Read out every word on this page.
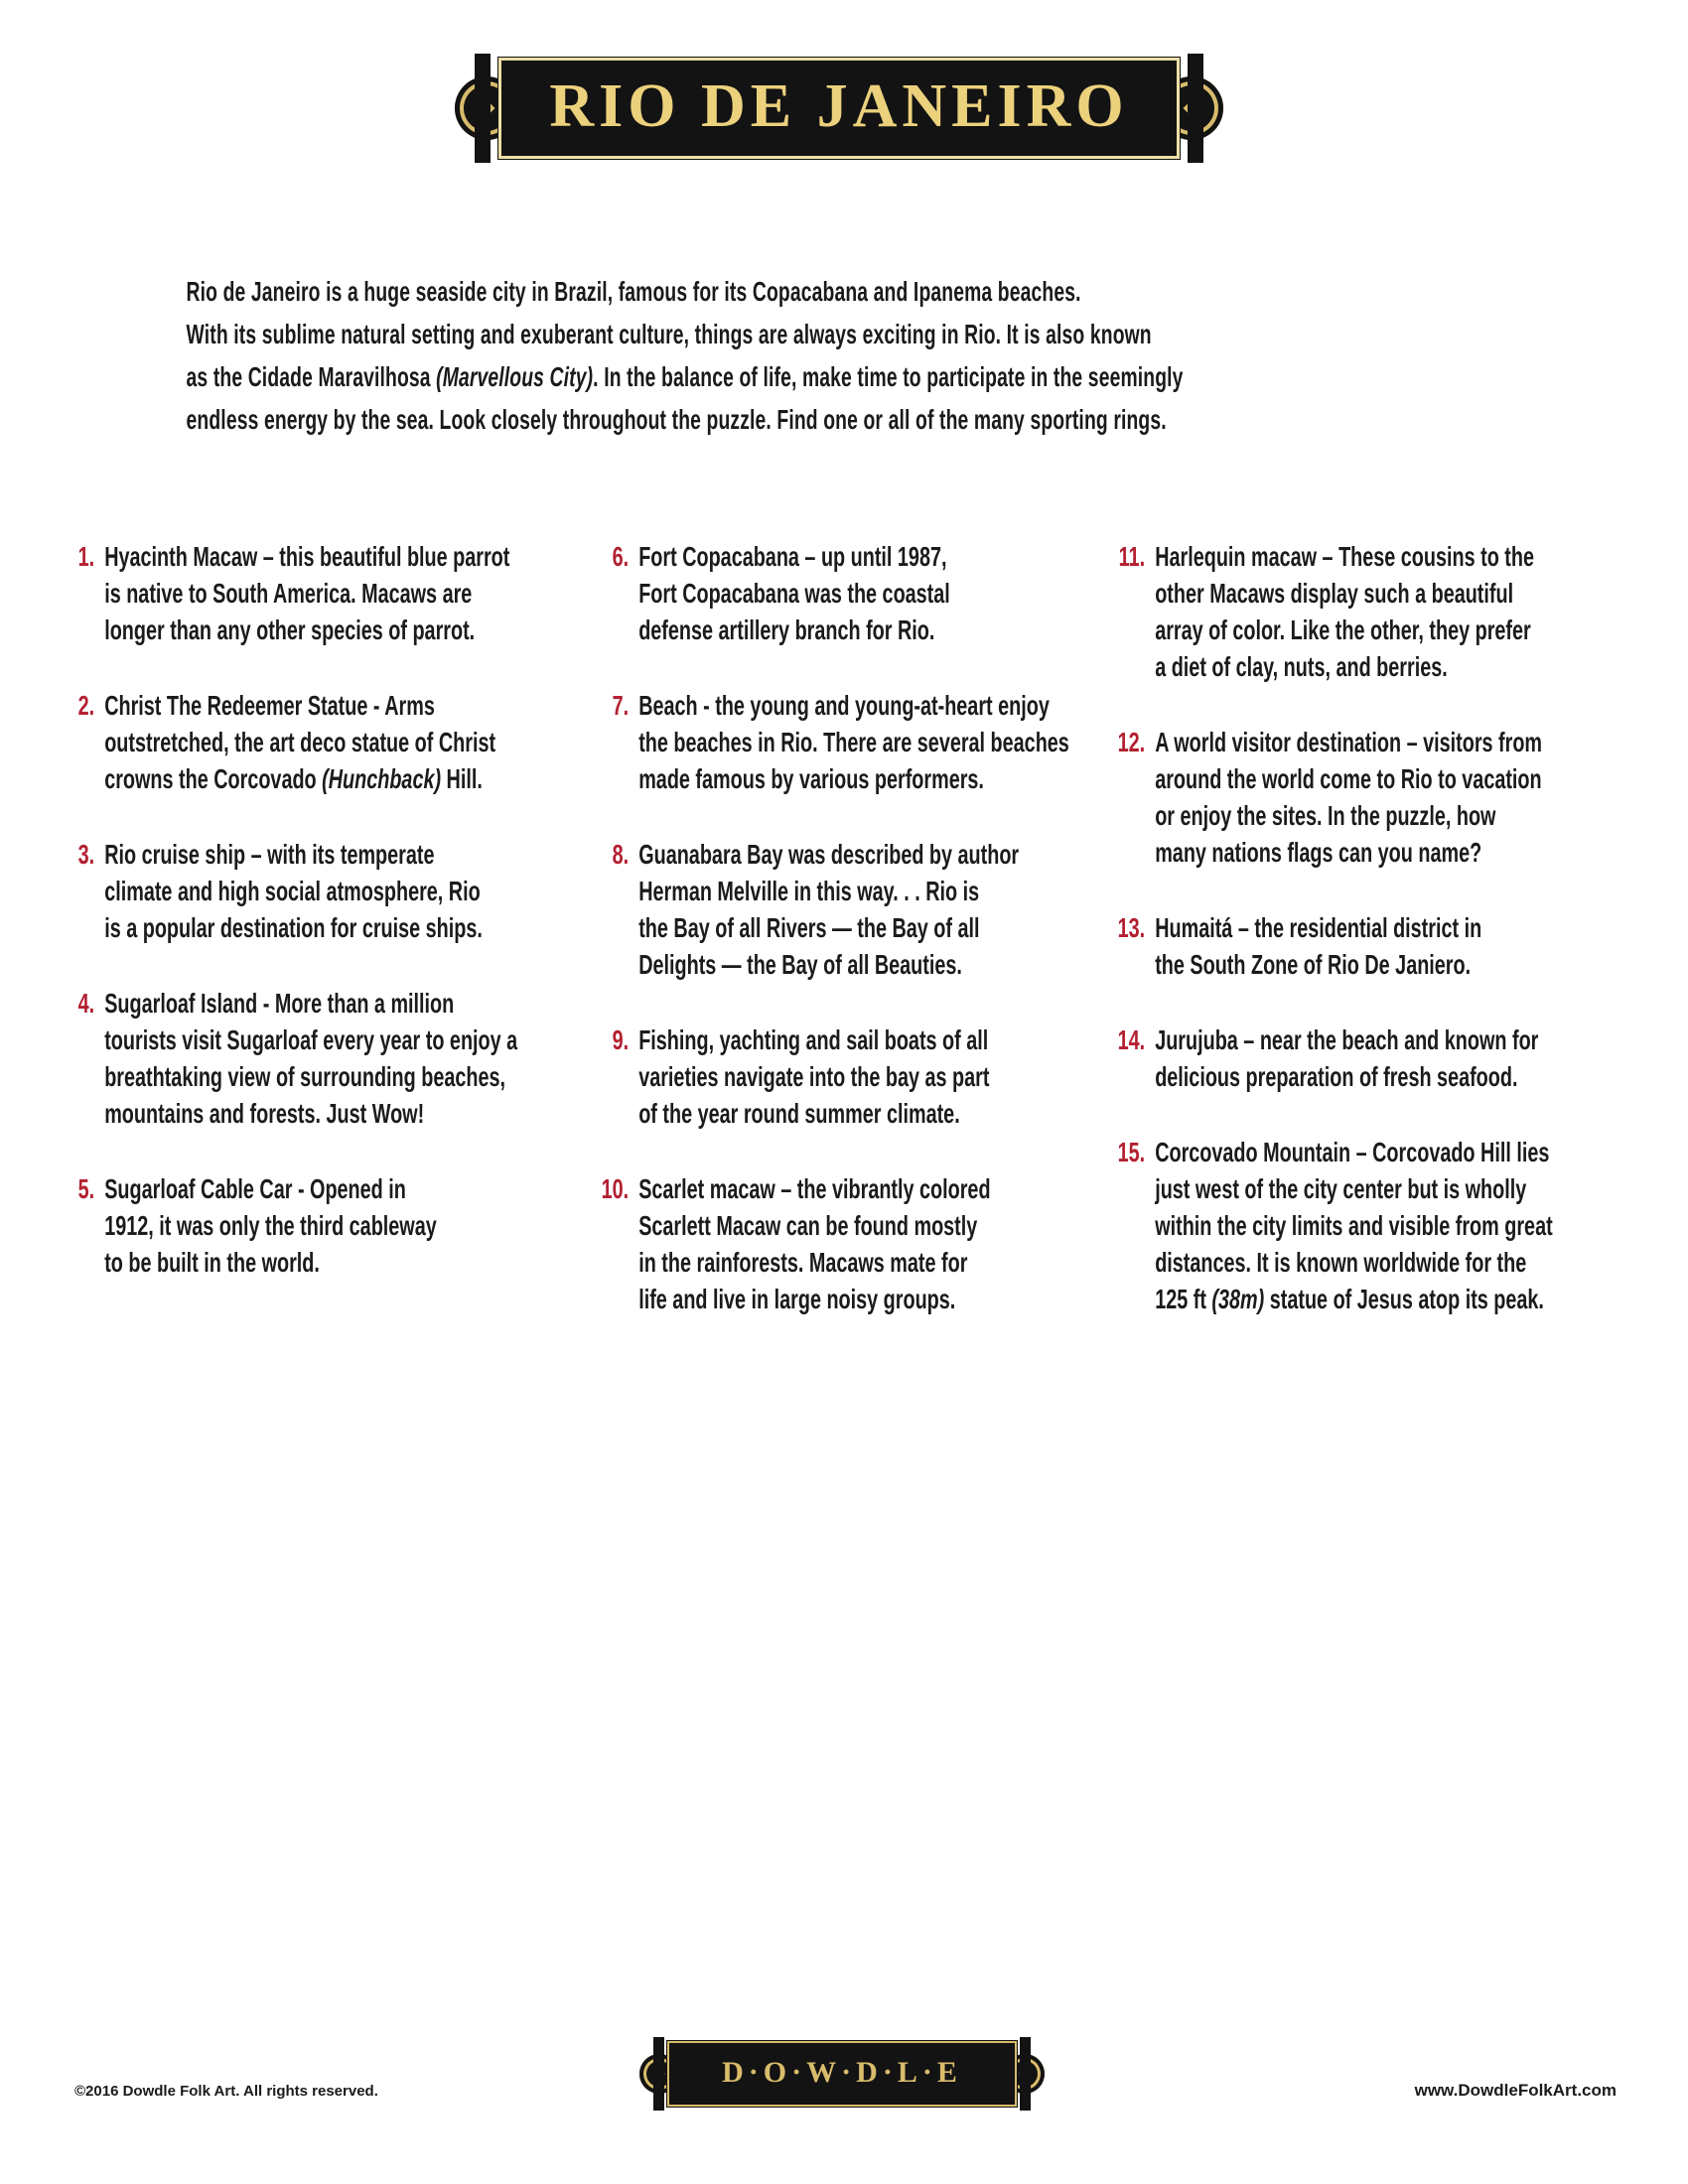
RIO DE JANEIRO
Rio de Janeiro is a huge seaside city in Brazil, famous for its Copacabana and Ipanema beaches.
With its sublime natural setting and exuberant culture, things are always exciting in Rio. It is also known
as the Cidade Maravilhosa (Marvellous City). In the balance of life, make time to participate in the seemingly
endless energy by the sea. Look closely throughout the puzzle. Find one or all of the many sporting rings.
1. Hyacinth Macaw – this beautiful blue parrot
is native to South America. Macaws are
longer than any other species of parrot.
2. Christ The Redeemer Statue - Arms
outstretched, the art deco statue of Christ
crowns the Corcovado (Hunchback) Hill.
3. Rio cruise ship – with its temperate
climate and high social atmosphere, Rio
is a popular destination for cruise ships.
4. Sugarloaf Island - More than a million
tourists visit Sugarloaf every year to enjoy a
breathtaking view of surrounding beaches,
mountains and forests. Just Wow!
5. Sugarloaf Cable Car - Opened in
1912, it was only the third cableway
to be built in the world.
6. Fort Copacabana – up until 1987,
Fort Copacabana was the coastal
defense artillery branch for Rio.
7. Beach - the young and young-at-heart enjoy
the beaches in Rio. There are several beaches
made famous by various performers.
8. Guanabara Bay was described by author
Herman Melville in this way. . . Rio is
the Bay of all Rivers — the Bay of all
Delights — the Bay of all Beauties.
9. Fishing, yachting and sail boats of all
varieties navigate into the bay as part
of the year round summer climate.
10. Scarlet macaw – the vibrantly colored
Scarlett Macaw can be found mostly
in the rainforests. Macaws mate for
life and live in large noisy groups.
11. Harlequin macaw – These cousins to the
other Macaws display such a beautiful
array of color. Like the other, they prefer
a diet of clay, nuts, and berries.
12. A world visitor destination – visitors from
around the world come to Rio to vacation
or enjoy the sites. In the puzzle, how
many nations flags can you name?
13. Humaitá – the residential district in
the South Zone of Rio De Janiero.
14. Jurujuba – near the beach and known for
delicious preparation of fresh seafood.
15. Corcovado Mountain – Corcovado Hill lies
just west of the city center but is wholly
within the city limits and visible from great
distances. It is known worldwide for the
125 ft (38m) statue of Jesus atop its peak.
D·O·W·D·L·E
©2016 Dowdle Folk Art. All rights reserved.	www.DowdleFolkArt.com
